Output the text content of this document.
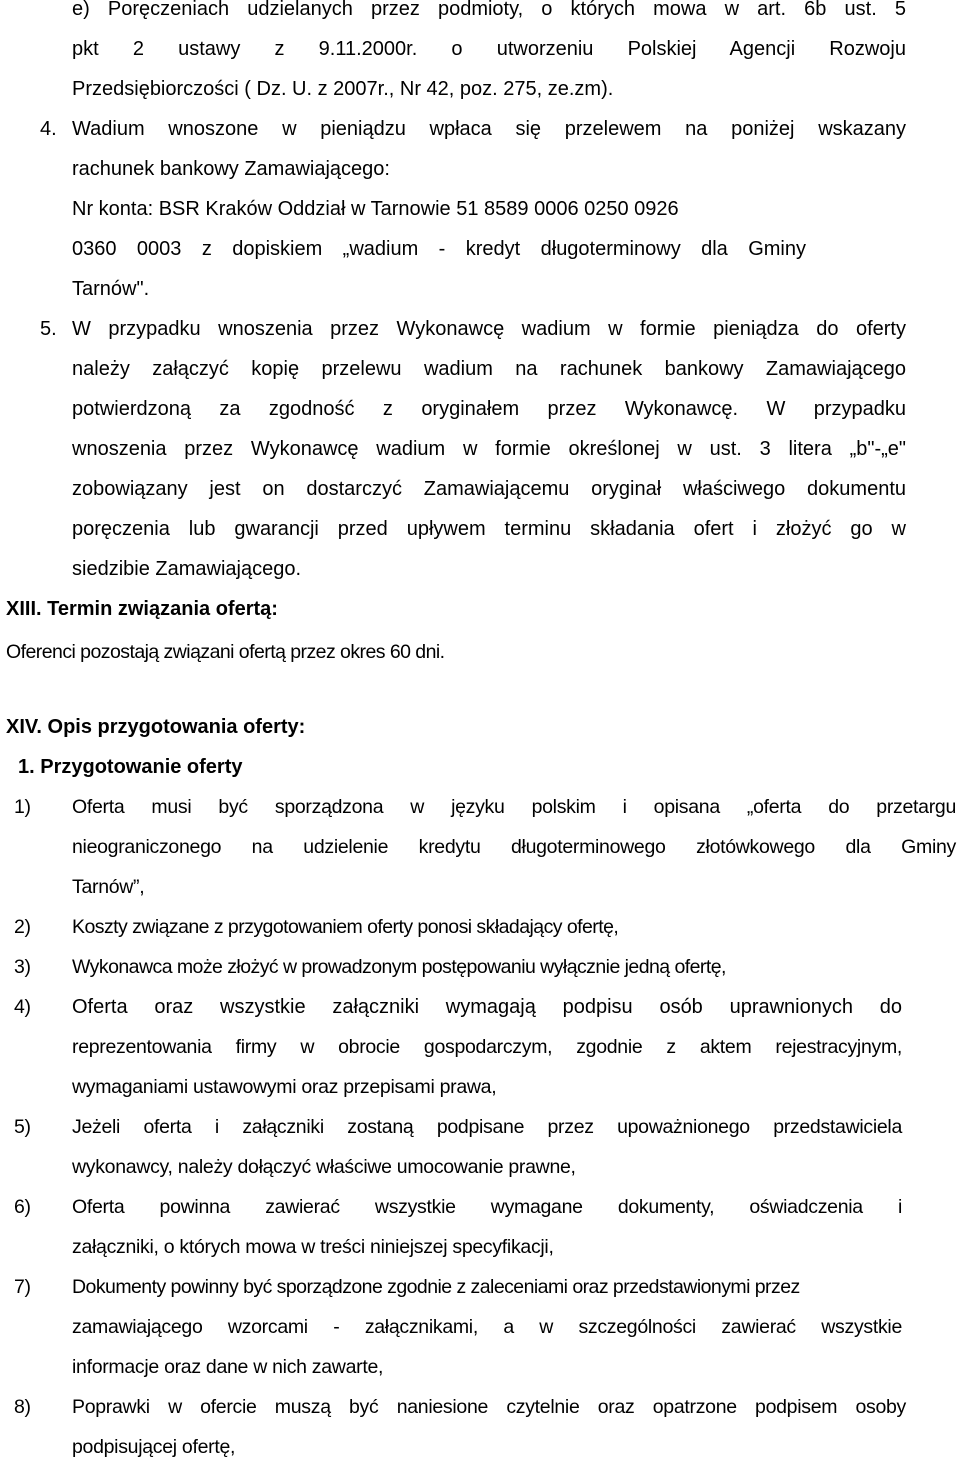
e) Poręczeniach udzielanych przez podmioty, o których mowa w art. 6b ust. 5
pkt 2 ustawy z 9.11.2000r. o utworzeniu Polskiej Agencji Rozwoju
Przedsiębiorczości ( Dz. U. z 2007r., Nr 42, poz. 275, ze.zm).
4. Wadium wnoszone w pieniądzu wpłaca się przelewem na poniżej wskazany
rachunek bankowy Zamawiającego:
Nr konta: BSR Kraków Oddział w Tarnowie 51 8589 0006 0250 0926
0360 0003 z dopiskiem „wadium - kredyt długoterminowy dla Gminy
Tarnów".
5. W przypadku wnoszenia przez Wykonawcę wadium w formie pieniądza do oferty
należy załączyć kopię przelewu wadium na rachunek bankowy Zamawiającego
potwierdzoną za zgodność z oryginałem przez Wykonawcę. W przypadku
wnoszenia przez Wykonawcę wadium w formie określonej w ust. 3 litera „b"-„e"
zobowiązany jest on dostarczyć Zamawiającemu oryginał właściwego dokumentu
poręczenia lub gwarancji przed upływem terminu składania ofert i złożyć go w
siedzibie Zamawiającego.
XIII. Termin związania ofertą:
Oferenci pozostają związani ofertą przez okres 60 dni.
XIV. Opis przygotowania oferty:
1. Przygotowanie oferty
1) Oferta musi być sporządzona w języku polskim i opisana „oferta do przetargu
nieograniczonego na udzielenie kredytu długoterminowego złotówkowego dla Gminy
Tarnów”,
2) Koszty związane z przygotowaniem oferty ponosi składający ofertę,
3) Wykonawca może złożyć w prowadzonym postępowaniu wyłącznie jedną ofertę,
4) Oferta oraz wszystkie załączniki wymagają podpisu osób uprawnionych do
reprezentowania firmy w obrocie gospodarczym, zgodnie z aktem rejestracyjnym,
wymaganiami ustawowymi oraz przepisami prawa,
5) Jeżeli oferta i załączniki zostaną podpisane przez upoważnionego przedstawiciela
wykonawcy, należy dołączyć właściwe umocowanie prawne,
6) Oferta powinna zawierać wszystkie wymagane dokumenty, oświadczenia i
załączniki, o których mowa w treści niniejszej specyfikacji,
7) Dokumenty powinny być sporządzone zgodnie z zaleceniami oraz przedstawionymi przez
zamawiającego wzorcami - załącznikami, a w szczególności zawierać wszystkie
informacje oraz dane w nich zawarte,
8) Poprawki w ofercie muszą być naniesione czytelnie oraz opatrzone podpisem osoby
podpisującej ofertę,
